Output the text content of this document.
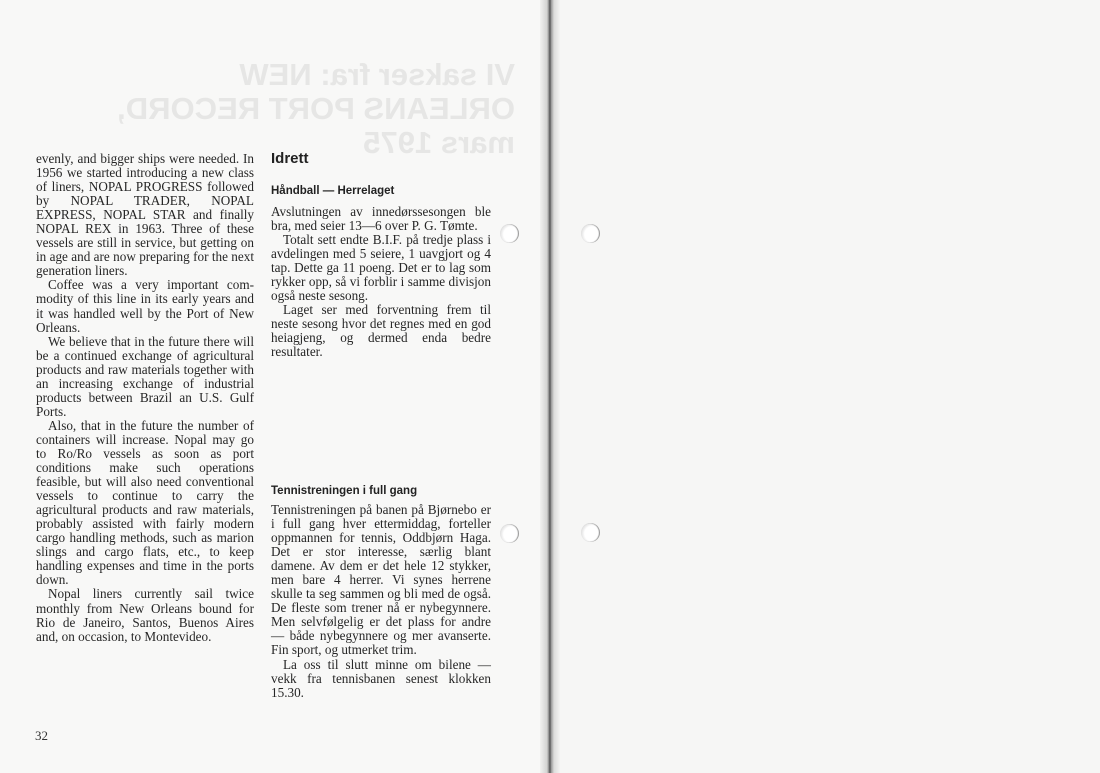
VI sakser fra: NEW ORLEANS PORT RECORD, mars 1975

evenly, and bigger ships were needed. In 1956 we started introducing a new class of liners, NOPAL PROGRESS followed by NOPAL TRADER, NOPAL EXPRESS, NOPAL STAR and finally NOPAL REX in 1963. Three of these vessels are still in service, but getting on in age and are now preparing for the next generation liners.

Coffee was a very important commodity of this line in its early years and it was handled well by the Port of New Orleans.

We believe that in the future there will be a continued exchange of agricultural products and raw materials together with an increasing exchange of industrial products between Brazil an U.S. Gulf Ports.

Also, that in the future the number of containers will increase. Nopal may go to Ro/Ro vessels as soon as port conditions make such operations feasible, but will also need conventional vessels to continue to carry the agricultural products and raw materials, probably assisted with fairly modern cargo handling methods, such as marion slings and cargo flats, etc., to keep handling expenses and time in the ports down.

Nopal liners currently sail twice monthly from New Orleans bound for Rio de Janeiro, Santos, Buenos Aires and, on occasion, to Montevideo.

Idrett
Håndball — Herrelaget

Avslutningen av innedørssesongen ble bra, med seier 13—6 over P. G. Tømte.

Totalt sett endte B.I.F. på tredje plass i avdelingen med 5 seiere, 1 uavgjort og 4 tap. Dette ga 11 poeng. Det er to lag som rykker opp, så vi forblir i samme divisjon også neste sesong.

Laget ser med forventning frem til neste sesong hvor det regnes med en god heiagjeng, og dermed enda bedre resultater.

Tennistreningen i full gang

Tennistreningen på banen på Bjørnebo er i full gang hver ettermiddag, forteller oppmannen for tennis, Oddbjørn Haga. Det er stor interesse, særlig blant damene. Av dem er det hele 12 stykker, men bare 4 herrer. Vi synes herrene skulle ta seg sammen og bli med de også. De fleste som trener nå er nybegynnere. Men selvfølgelig er det plass for andre — både nybegynnere og mer avanserte. Fin sport, og utmerket trim.

La oss til slutt minne om bilene — vekk fra tennisbanen senest klokken 15.30.

32
